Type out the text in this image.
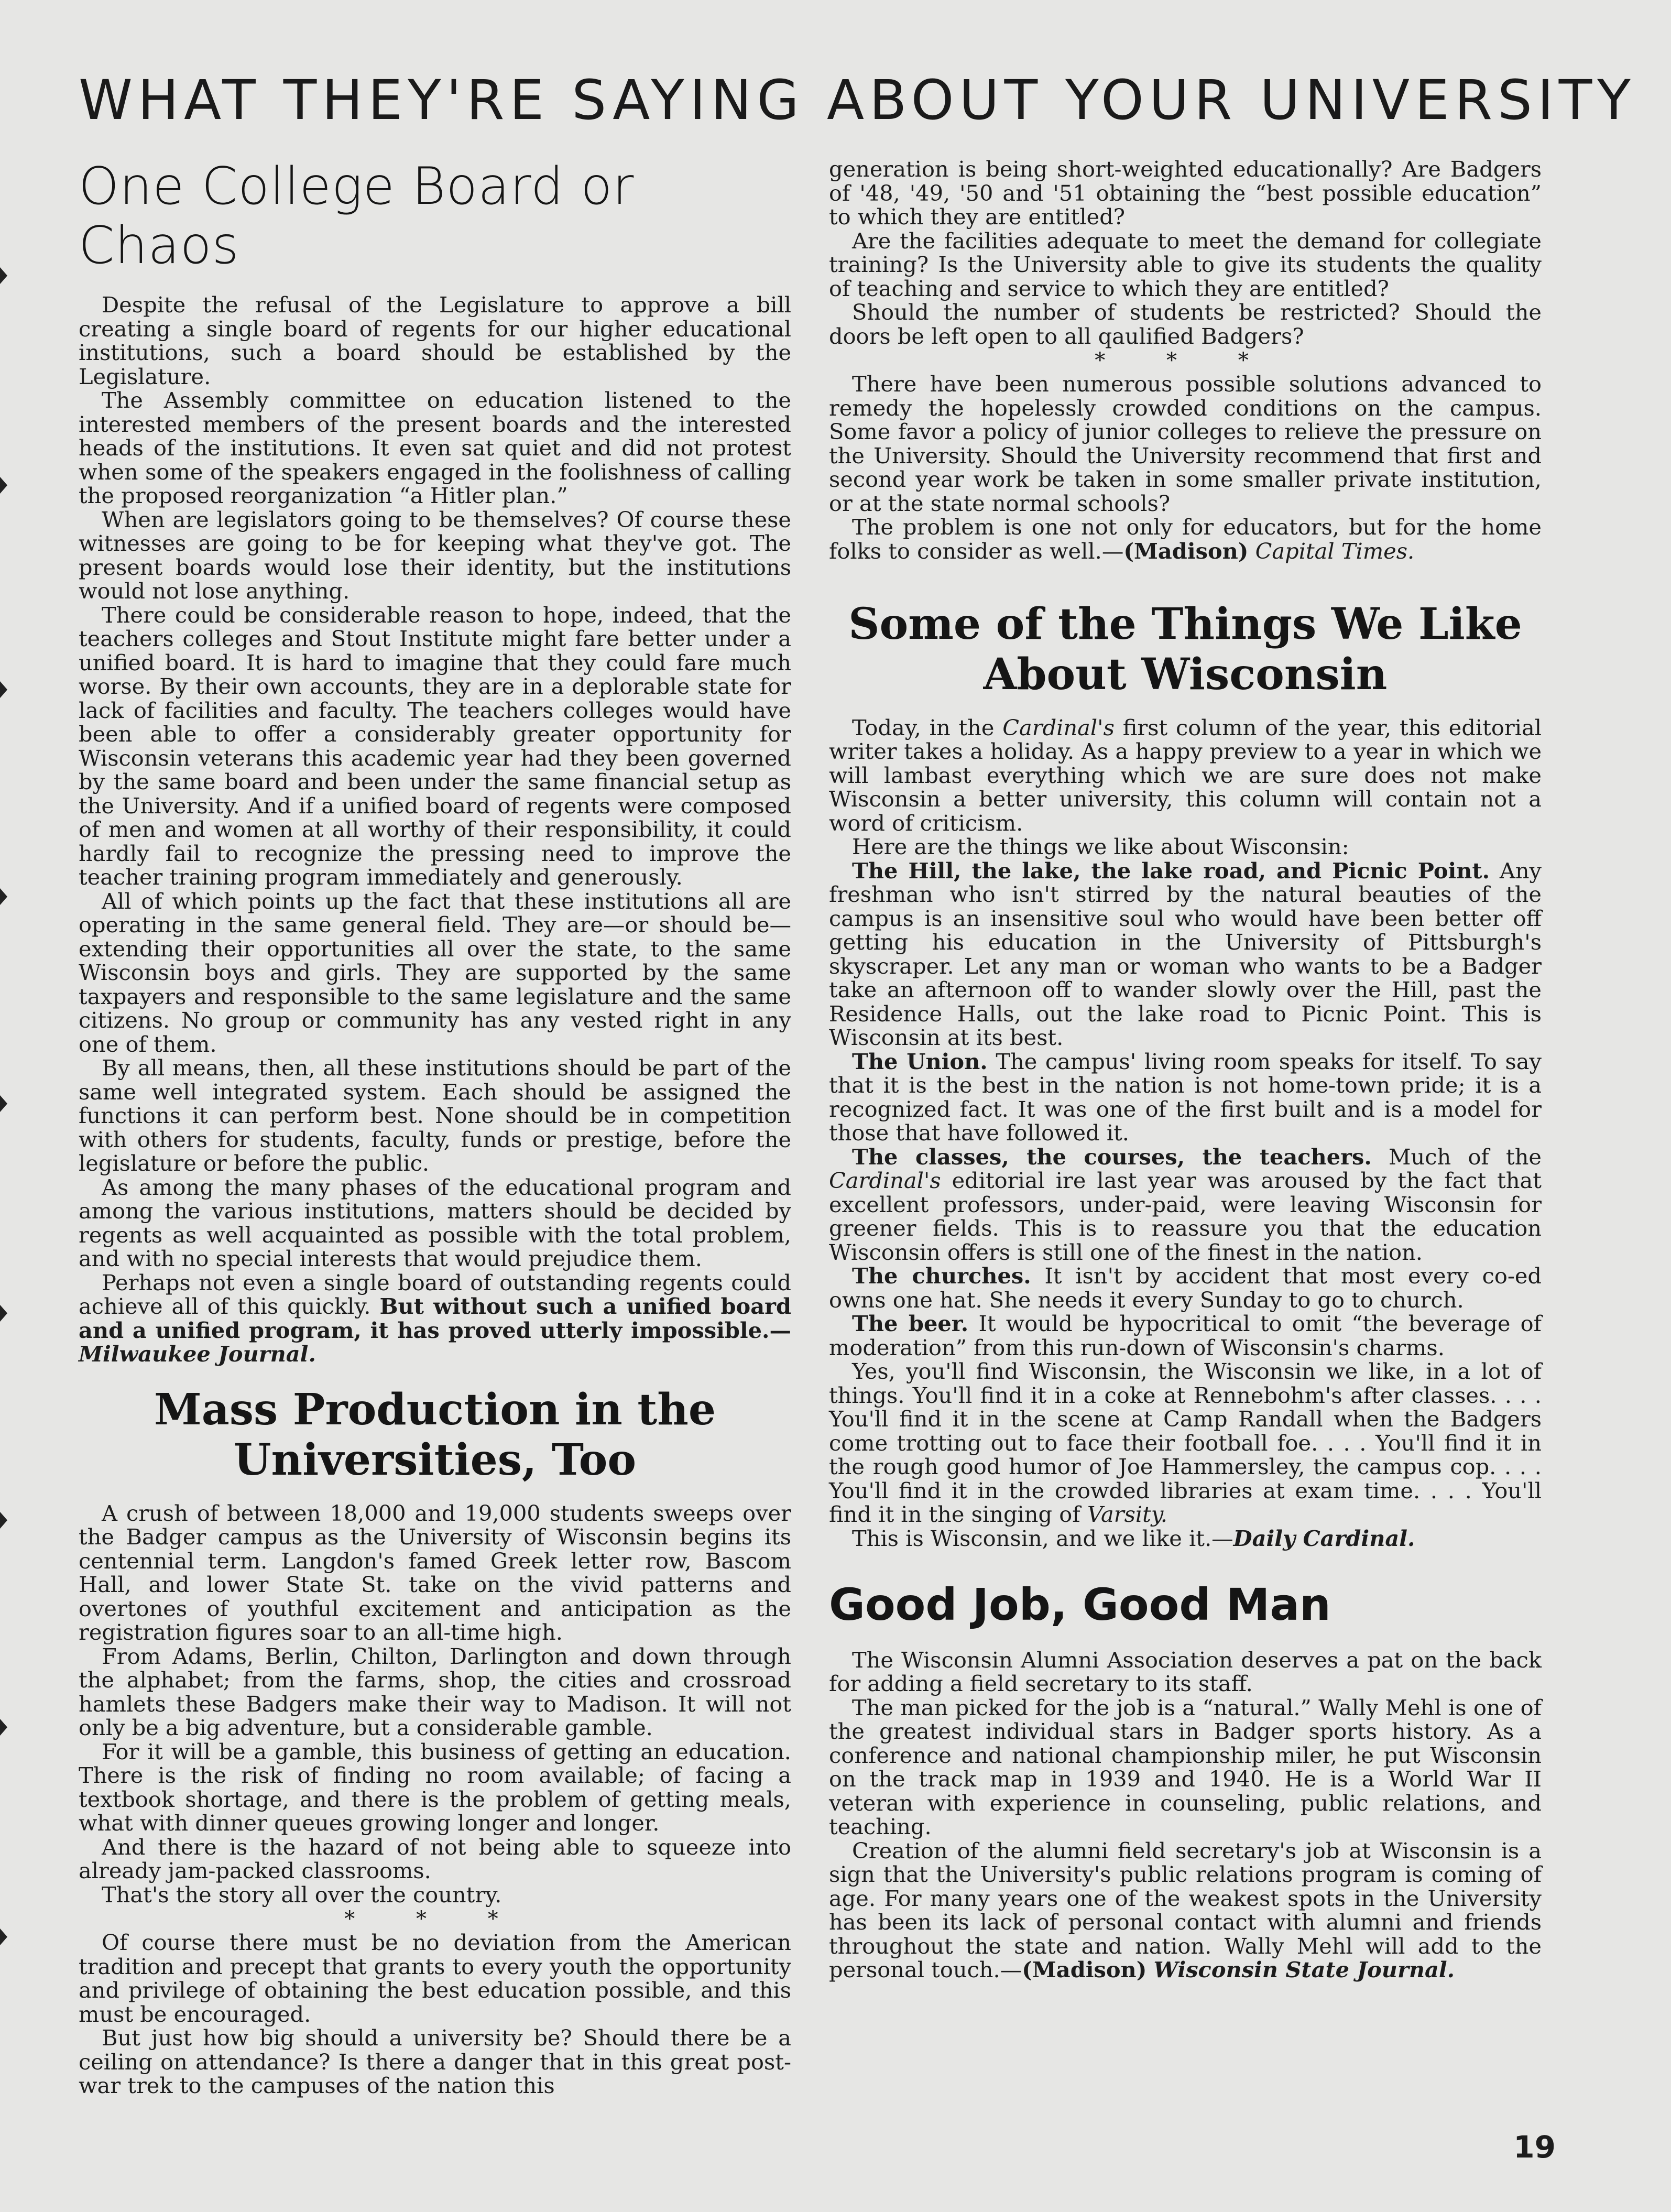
WHAT THEY'RE SAYING ABOUT YOUR UNIVERSITY
One College Board or Chaos

Despite the refusal of the Legislature to approve a bill creating a single board of regents for our higher educational institutions, such a board should be established by the Legislature.

The Assembly committee on education listened to the interested members of the present boards and the interested heads of the institutions. It even sat quiet and did not protest when some of the speakers engaged in the foolishness of calling the proposed reorganization “a Hitler plan.”

When are legislators going to be themselves? Of course these witnesses are going to be for keeping what they've got. The present boards would lose their identity, but the institutions would not lose anything.

There could be considerable reason to hope, indeed, that the teachers colleges and Stout Institute might fare better under a unified board. It is hard to imagine that they could fare much worse. By their own accounts, they are in a deplorable state for lack of facilities and faculty. The teachers colleges would have been able to offer a considerably greater opportunity for Wisconsin veterans this academic year had they been governed by the same board and been under the same financial setup as the University. And if a unified board of regents were composed of men and women at all worthy of their responsibility, it could hardly fail to recognize the pressing need to improve the teacher training program immediately and generously.

All of which points up the fact that these institutions all are operating in the same general field. They are—or should be—extending their opportunities all over the state, to the same Wisconsin boys and girls. They are supported by the same taxpayers and responsible to the same legislature and the same citizens. No group or community has any vested right in any one of them.

By all means, then, all these institutions should be part of the same well integrated system. Each should be assigned the functions it can perform best. None should be in competition with others for students, faculty, funds or prestige, before the legislature or before the public.

As among the many phases of the educational program and among the various institutions, matters should be decided by regents as well acquainted as possible with the total problem, and with no special interests that would prejudice them.

Perhaps not even a single board of outstanding regents could achieve all of this quickly. But without such a unified board and a unified program, it has proved utterly impossible.—Milwaukee Journal.

Mass Production in the
Universities, Too

A crush of between 18,000 and 19,000 students sweeps over the Badger campus as the University of Wisconsin begins its centennial term. Langdon's famed Greek letter row, Bascom Hall, and lower State St. take on the vivid patterns and overtones of youthful excitement and anticipation as the registration figures soar to an all-time high.

From Adams, Berlin, Chilton, Darlington and down through the alphabet; from the farms, shop, the cities and crossroad hamlets these Badgers make their way to Madison. It will not only be a big adventure, but a considerable gamble.

For it will be a gamble, this business of getting an education. There is the risk of finding no room available; of facing a textbook shortage, and there is the problem of getting meals, what with dinner queues growing longer and longer.

And there is the hazard of not being able to squeeze into already jam-packed classrooms.

That's the story all over the country.

* * *

Of course there must be no deviation from the American tradition and precept that grants to every youth the opportunity and privilege of obtaining the best education possible, and this must be encouraged.

But just how big should a university be? Should there be a ceiling on attendance? Is there a danger that in this great post-war trek to the campuses of the nation this

generation is being short-weighted educationally? Are Badgers of '48, '49, '50 and '51 obtaining the “best possible education” to which they are entitled?

Are the facilities adequate to meet the demand for collegiate training? Is the University able to give its students the quality of teaching and service to which they are entitled?

Should the number of students be restricted? Should the doors be left open to all qaulified Badgers?

* * *

There have been numerous possible solutions advanced to remedy the hopelessly crowded conditions on the campus. Some favor a policy of junior colleges to relieve the pressure on the University. Should the University recommend that first and second year work be taken in some smaller private institution, or at the state normal schools?

The problem is one not only for educators, but for the home folks to consider as well.—(Madison) Capital Times.

Some of the Things We Like
About Wisconsin

Today, in the Cardinal's first column of the year, this editorial writer takes a holiday. As a happy preview to a year in which we will lambast everything which we are sure does not make Wisconsin a better university, this column will contain not a word of criticism.

Here are the things we like about Wisconsin:

The Hill, the lake, the lake road, and Picnic Point. Any freshman who isn't stirred by the natural beauties of the campus is an insensitive soul who would have been better off getting his education in the University of Pittsburgh's skyscraper. Let any man or woman who wants to be a Badger take an afternoon off to wander slowly over the Hill, past the Residence Halls, out the lake road to Picnic Point. This is Wisconsin at its best.

The Union. The campus' living room speaks for itself. To say that it is the best in the nation is not home-town pride; it is a recognized fact. It was one of the first built and is a model for those that have followed it.

The classes, the courses, the teachers. Much of the Cardinal's editorial ire last year was aroused by the fact that excellent professors, under-paid, were leaving Wisconsin for greener fields. This is to reassure you that the education Wisconsin offers is still one of the finest in the nation.

The churches. It isn't by accident that most every co-ed owns one hat. She needs it every Sunday to go to church.

The beer. It would be hypocritical to omit “the beverage of moderation” from this run-down of Wisconsin's charms.

Yes, you'll find Wisconsin, the Wisconsin we like, in a lot of things. You'll find it in a coke at Rennebohm's after classes. . . . You'll find it in the scene at Camp Randall when the Badgers come trotting out to face their football foe. . . . You'll find it in the rough good humor of Joe Hammersley, the campus cop. . . . You'll find it in the crowded libraries at exam time. . . . You'll find it in the singing of Varsity.

This is Wisconsin, and we like it.—Daily Cardinal.

Good Job, Good Man

The Wisconsin Alumni Association deserves a pat on the back for adding a field secretary to its staff.

The man picked for the job is a “natural.” Wally Mehl is one of the greatest individual stars in Badger sports history. As a conference and national championship miler, he put Wisconsin on the track map in 1939 and 1940. He is a World War II veteran with experience in counseling, public relations, and teaching.

Creation of the alumni field secretary's job at Wisconsin is a sign that the University's public relations program is coming of age. For many years one of the weakest spots in the University has been its lack of personal contact with alumni and friends throughout the state and nation. Wally Mehl will add to the personal touch.—(Madison) Wisconsin State Journal.

19
